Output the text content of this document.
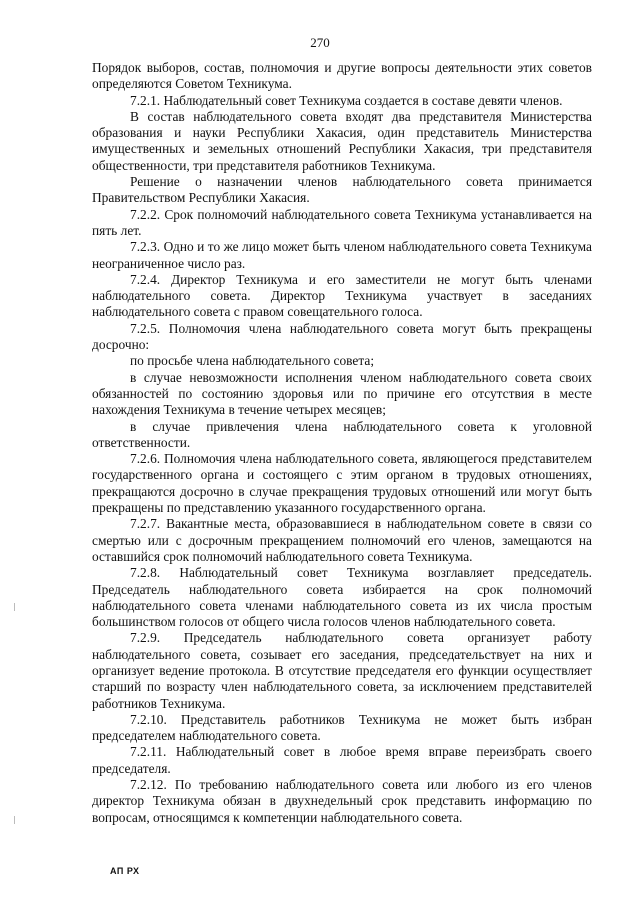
270

Порядок выборов, состав, полномочия и другие вопросы деятельности этих советов определяются Советом Техникума.

7.2.1. Наблюдательный совет Техникума создается в составе девяти членов.

В состав наблюдательного совета входят два представителя Министерства образования и науки Республики Хакасия, один представитель Министерства имущественных и земельных отношений Республики Хакасия, три представителя общественности, три представителя работников Техникума.

Решение о назначении членов наблюдательного совета принимается Правительством Республики Хакасия.

7.2.2. Срок полномочий наблюдательного совета Техникума устанавливается на пять лет.

7.2.3. Одно и то же лицо может быть членом наблюдательного совета Техникума неограниченное число раз.

7.2.4. Директор Техникума и его заместители не могут быть членами наблюдательного совета. Директор Техникума участвует в заседаниях наблюдательного совета с правом совещательного голоса.

7.2.5. Полномочия члена наблюдательного совета могут быть прекращены досрочно:

по просьбе члена наблюдательного совета;

в случае невозможности исполнения членом наблюдательного совета своих обязанностей по состоянию здоровья или по причине его отсутствия в месте нахождения Техникума в течение четырех месяцев;

в случае привлечения члена наблюдательного совета к уголовной ответственности.

7.2.6. Полномочия члена наблюдательного совета, являющегося представителем государственного органа и состоящего с этим органом в трудовых отношениях, прекращаются досрочно в случае прекращения трудовых отношений или могут быть прекращены по представлению указанного государственного органа.

7.2.7. Вакантные места, образовавшиеся в наблюдательном совете в связи со смертью или с досрочным прекращением полномочий его членов, замещаются на оставшийся срок полномочий наблюдательного совета Техникума.

7.2.8. Наблюдательный совет Техникума возглавляет председатель. Председатель наблюдательного совета избирается на срок полномочий наблюдательного совета членами наблюдательного совета из их числа простым большинством голосов от общего числа голосов членов наблюдательного совета.

7.2.9. Председатель наблюдательного совета организует работу наблюдательного совета, созывает его заседания, председательствует на них и организует ведение протокола. В отсутствие председателя его функции осуществляет старший по возрасту член наблюдательного совета, за исключением представителей работников Техникума.

7.2.10. Представитель работников Техникума не может быть избран председателем наблюдательного совета.

7.2.11. Наблюдательный совет в любое время вправе переизбрать своего председателя.

7.2.12. По требованию наблюдательного совета или любого из его членов директор Техникума обязан в двухнедельный срок представить информацию по вопросам, относящимся к компетенции наблюдательного совета.

АП РХ
